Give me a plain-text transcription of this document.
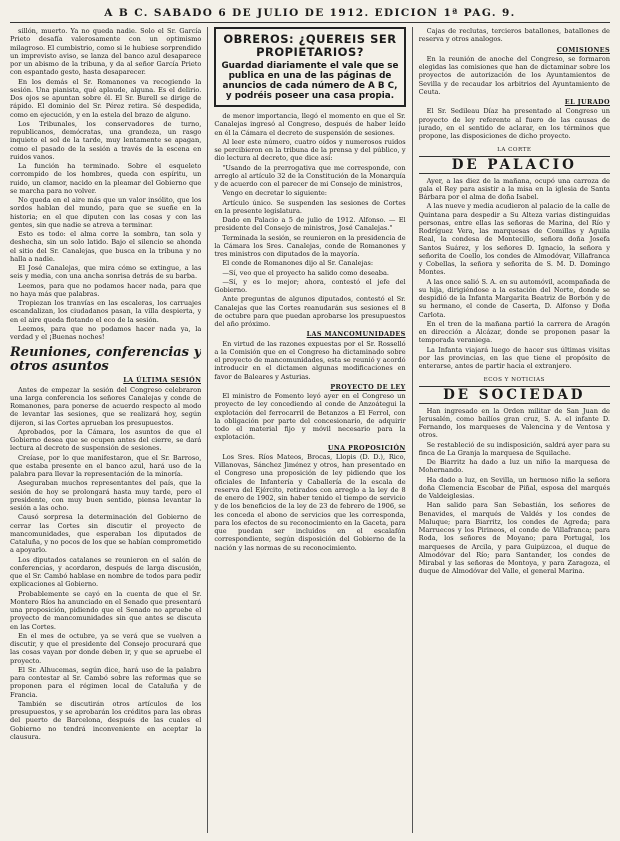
A B C. SABADO 6 DE JULIO DE 1912. EDICION 1ª PAG. 9.

sillón, muerto. Ya no queda nadie. Solo el Sr. García Prieto desafía valerosamente con un optimismo milagroso. El cumbistrio, como si le hubiese sorprendido un imprevisto aviso, se lanza del banco azul desaparece por un abismo de la tribuna, y da al señor García Prieto con espantado gesto, hasta desaparecer.

En los demás el Sr. Romanones va recogiendo la sesión. Una pianista, qué aplaude, alguna. Es el delirio. Dos ojos se apuntan sobre él. El Sr. Burell se dirige de rápido. El dominio del Sr. Pérez retira. Sé despedida, como en ejecución, y en la estela del brazo de alguno.

Los Tribunales, los conservadores de turno, republicanos, demócratas, una grandeza, un rasgo inquieto el sol de la tarde, muy lentamente se apagan, como el pasado de la sesión a través de la escena en ruidos vanos.

La función ha terminado. Sobre el esqueleto corrompido de los hombres, queda con espíritu, un ruido, un clamor, nacido en la pleamar del Gobierno que se marcha para no volver.

No queda en el aire más que un valor insólito, que los sordos hablan del mundo, para que se sueñe en la historia; en el que diputen con las cosas y con las gentes, sin que nadie se atreva a terminar.

Esto es todo: el alma corre la sombra, tan sola y deshecha, sin un solo latido. Bajo el silencio se ahonda el sitio del Sr. Canalejas, que busca en la tribuna y no halla a nadie.

El José Canalejas, que mira cómo se extingue, a las seis y media, con una ancha sonrisa detrás de su barba.

Leemos, para que no podamos hacer nada, para que no haya más que palabras.

Tropiezan los tranvías en las escaleras, los carruajes escandalizan, los ciudadanos pasan, la villa despierta, y en el aire queda flotando el eco de la sesión.

Leemos, para que no podamos hacer nada ya, la verdad y el ¡Buenas noches!

Reuniones, conferencias y otros asuntos
LA ÚLTIMA SESIÓN

Antes de empezar la sesión del Congreso celebraron una larga conferencia los señores Canalejas y conde de Romanones, para ponerse de acuerdo respecto al modo de levantar las sesiones, que se realizará hoy, según dijeron, si las Cortes aprueban los presupuestos.

Aprobados, por la Cámara, los asuntos de que el Gobierno desea que se ocupen antes del cierre, se dará lectura al decreto de suspensión de sesiones.

Creíase, por lo que manifestaron, que el Sr. Barroso, que estaba presente en el banco azul, hará uso de la palabra para llevar la representación de la minoría.

Aseguraban muchos representantes del país, que la sesión de hoy se prolongará hasta muy tarde, pero el presidente, con muy buen sentido, piensa levantar la sesión a las ocho.

Causó sorpresa la determinación del Gobierno de cerrar las Cortes sin discutir el proyecto de mancomunidades, que esperaban los diputados de Cataluña, y no pocos de los que se habían comprometido a apoyarlo.

Los diputados catalanes se reunieron en el salón de conferencias, y acordaron, después de larga discusión, que el Sr. Cambó hablase en nombre de todos para pedir explicaciones al Gobierno.

Probablemente se cayó en la cuenta de que el Sr. Montero Ríos ha anunciado en el Senado que presentará una proposición, pidiendo que el Senado no apruebe el proyecto de mancomunidades sin que antes se discuta en las Cortes.

En el mes de octubre, ya se verá que se vuelven a discutir, y que el presidente del Consejo procurará que las cosas vayan por donde deben ir, y que se apruebe el proyecto.

El Sr. Alhucemas, según dice, hará uso de la palabra para contestar al Sr. Cambó sobre las reformas que se proponen para el régimen local de Cataluña y de Francia.

También se discutirán otros artículos de los presupuestos, y se aprobarán los créditos para las obras del puerto de Barcelona, después de las cuales el Gobierno no tendrá inconveniente en aceptar la clausura.

OBREROS: ¿QUEREIS SER PROPIETARIOS?
Guardad diariamente el vale que se publica en una de las páginas de anuncios de cada número de A B C, y podréis poseer una casa propia.

de menor importancia, llegó el momento en que el Sr. Canalejas ingresó al Congreso, después de haber leído en él la Cámara el decreto de suspensión de sesiones.

Al leer este número, cuatro oídos y numerosos ruidos se percibieron en la tribuna de la prensa y del público, y dio lectura al decreto, que dice así:

"Usando de la prerrogativa que me corresponde, con arreglo al artículo 32 de la Constitución de la Monarquía y de acuerdo con el parecer de mi Consejo de ministros,

Vengo en decretar lo siguiente:

Artículo único. Se suspenden las sesiones de Cortes en la presente legislatura.

Dado en Palacio a 5 de julio de 1912. Alfonso. — El presidente del Consejo de ministros, José Canalejas."

Terminada la sesión, se reunieron en la presidencia de la Cámara los Sres. Canalejas, conde de Romanones y tres ministros con diputados de la mayoría.

El conde de Romanones dijo al Sr. Canalejas:

—Sí, veo que el proyecto ha salido como deseaba.

—Sí, y es lo mejor; ahora, contestó el jefe del Gobierno.

Ante preguntas de algunos diputados, contestó el Sr. Canalejas que las Cortes reanudarán sus sesiones el 8 de octubre para que puedan aprobarse los presupuestos del año próximo.

LAS MANCOMUNIDADES

En virtud de las razones expuestas por el Sr. Rosselló a la Comisión que en el Congreso ha dictaminado sobre el proyecto de mancomunidades, esta se reunió y acordó introducir en el dictamen algunas modificaciones en favor de Baleares y Asturias.

PROYECTO DE LEY

El ministro de Fomento leyó ayer en el Congreso un proyecto de ley concediendo al conde de Anzoátegui la explotación del ferrocarril de Betanzos a El Ferrol, con la obligación por parte del concesionario, de adquirir todo el material fijo y móvil necesario para la explotación.

UNA PROPOSICIÓN

Los Sres. Ríos Mateos, Brocas, Llopis (D. D.), Rico, Villanovas, Sánchez Jiménez y otros, han presentado en el Congreso una proposición de ley pidiendo que los oficiales de Infantería y Caballería de la escala de reserva del Ejército, retirados con arreglo a la ley de 8 de enero de 1902, sin haber tenido el tiempo de servicio y de los beneficios de la ley de 23 de febrero de 1906, se les conceda el abono de servicios que les corresponda, para los efectos de su reconocimiento en la Gaceta, para que puedan ser incluidos en el escalafón correspondiente, según disposición del Gobierno de la nación y las normas de su reconocimiento.

Cajas de reclutas, tercieros batallones, batallones de reserva y otros analogos.

COMISIONES

En la reunión de anoche del Congreso, se formaron elegidas las comisiones que han de dictaminar sobre los proyectos de autorización de los Ayuntamientos de Sevilla y de recaudar los arbitrios del Ayuntamiento de Ceuta.

EL JURADO

El Sr. Sedileau Díaz ha presentado al Congreso un proyecto de ley referente al fuero de las causas de jurado, en el sentido de aclarar, en los términos que propone, las disposiciones de dicho proyecto.

LA CORTE
DE PALACIO

Ayer, a las diez de la mañana, ocupó una carroza de gala el Rey para asistir a la misa en la iglesia de Santa Bárbara por el alma de doña Isabel.

A las nueve y media acudieron al palacio de la calle de Quintana para despedir a Su Alteza varias distinguidas personas, entre ellas las señoras de Marina, del Río y Rodríguez Vera, las marquesas de Comillas y Aguila Real, la condesa de Montecillo, señora doña Josefa Santos Suárez, y los señores D. Ignacio, la señora y señorita de Coello, los condes de Almodóvar, Villafranca y Cobellas, la señora y señorita de S. M. D. Domingo Montes.

A las once salió S. A. en su automóvil, acompañada de su hija, dirigiéndose a la estación del Norte, donde se despidió de la Infanta Margarita Beatriz de Borbón y de su hermano, el conde de Caserta, D. Alfonso y Doña Carlota.

En el tren de la mañana partió la carrera de Aragón en dirección a Alcázar, donde se proponen pasar la temporada veraniega.

La Infanta viajará luego de hacer sus últimas visitas por las provincias, en las que tiene el propósito de enterarse, antes de partir hacia el extranjero.

ECOS Y NOTICIAS
DE SOCIEDAD

Han ingresado en la Orden militar de San Juan de Jerusalén, como bailíos gran cruz, S. A. el infante D. Fernando, los marqueses de Valencina y de Ventosa y otros.

Se restableció de su indisposición, saldrá ayer para su finca de La Granja la marquesa de Squilache.

De Biarritz ha dado a luz un niño la marquesa de Mohernando.

Ha dado a luz, en Sevilla, un hermoso niño la señora doña Clemencia Escobar de Piñal, esposa del marqués de Valdeiglesias.

Han salido para San Sebastián, los señores de Benavides, el marqués de Valdés y los condes de Maluque; para Biarritz, los condes de Agreda; para Marruecos y los Pirineos, el conde de Villafranca; para Roda, los señores de Moyano; para Portugal, los marqueses de Arcila, y para Guipúzcoa, el duque de Almodóvar del Río; para Santander, los condes de Mirabal y las señoras de Montoya, y para Zaragoza, el duque de Almodóvar del Valle, el general Marina.
